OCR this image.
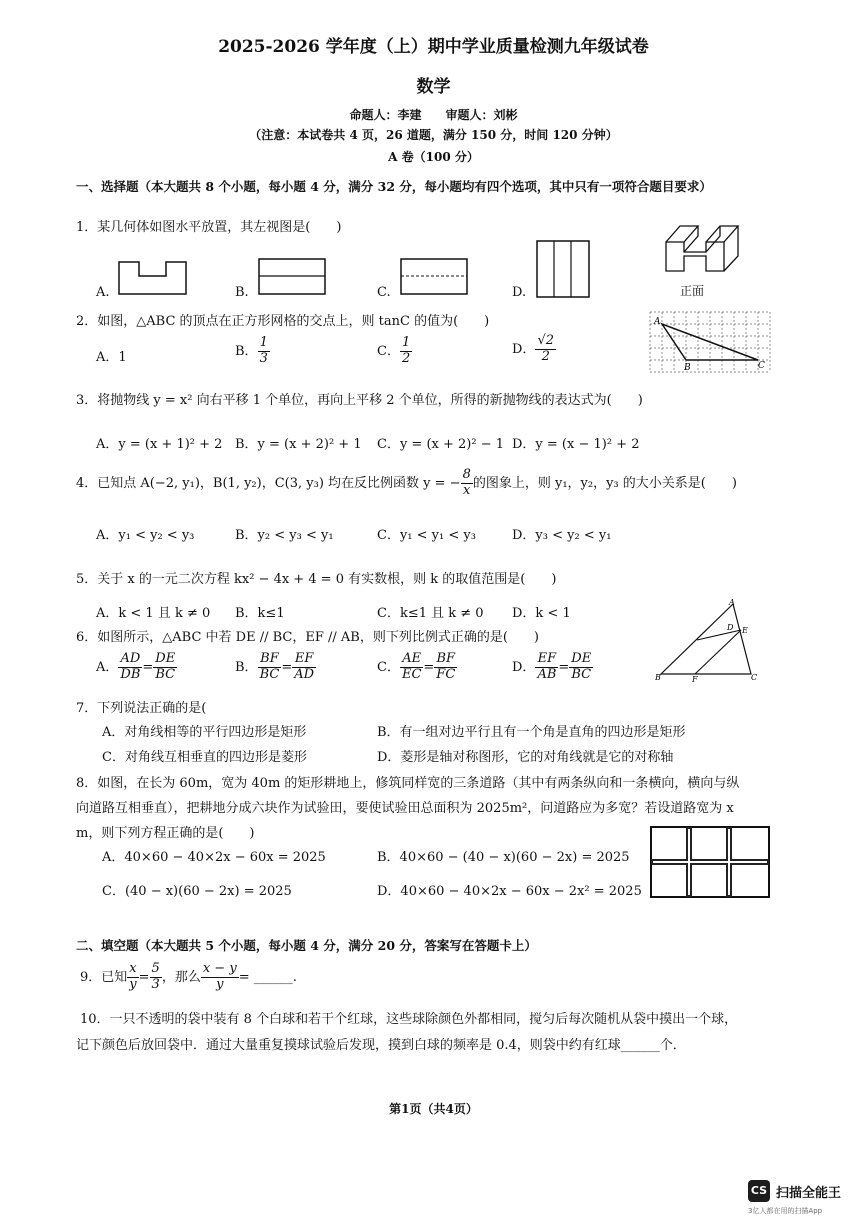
2025-2026 学年度（上）期中学业质量检测九年级试卷
数学
命题人：李建　　审题人：刘彬
（注意：本试卷共 4 页，26 道题，满分 150 分，时间 120 分钟）
A 卷（100 分）
一、选择题（本大题共 8 个小题，每小题 4 分，满分 32 分，每小题均有四个选项，其中只有一项符合题目要求）
1．某几何体如图水平放置，其左视图是(　　)
A.	B.	C.	D.	正面
2．如图，△ABC 的顶点在正方形网格的交点上，则 tanC 的值为(　　)
A．1	B． $\frac{1}{3}$	C． $\frac{1}{2}$	D． $\frac{√2}{2}$
A
B	C
3．将抛物线 y = x² 向右平移 1 个单位，再向上平移 2 个单位，所得的新抛物线的表达式为(　　)
A．y = (x + 1)² + 2 B．y = (x + 2)² + 1 C．y = (x + 2)² − 1 D．y = (x − 1)² + 2
4．已知点 A(−2, y₁)，B(1, y₂)，C(3, y₃) 均在反比例函数 y = − $\frac{8}{x}$ 的图象上，则 y₁，y₂，y₃ 的大小关系是(　　)
A．y₁ < y₂ < y₃	B．y₂ < y₃ < y₁	C．y₁ < y₁ < y₃	D．y₃ < y₂ < y₁
5．关于 x 的一元二次方程 kx² − 4x + 4 = 0 有实数根，则 k 的取值范围是(　　)
A．k < 1 且 k ≠ 0 B．k≤1	C．k≤1 且 k ≠ 0 D．k < 1
6．如图所示，△ABC 中若 DE // BC，EF // AB，则下列比例式正确的是(　　)
A． $\frac{AD}{DB} = \frac{DE}{BC}$	B． $\frac{BF}{BC} = \frac{EF}{AD}$	C． $\frac{AE}{EC} = \frac{BF}{FC}$	D． $\frac{EF}{AB} = \frac{DE}{BC}$
A
B	C
D E
F
7．下列说法正确的是(
A．对角线相等的平行四边形是矩形	B．有一组对边平行且有一个角是直角的四边形是矩形
C．对角线互相垂直的四边形是菱形	D．菱形是轴对称图形，它的对角线就是它的对称轴
8．如图，在长为 60m，宽为 40m 的矩形耕地上，修筑同样宽的三条道路（其中有两条纵向和一条横向，横向与纵
向道路互相垂直），把耕地分成六块作为试验田，要使试验田总面积为 2025m²，问道路应为多宽？若设道路宽为 x
m，则下列方程正确的是(　　)
A．40×60 − 40×2x − 60x = 2025	B．40×60 − (40 − x)(60 − 2x) = 2025
C．(40 − x)(60 − 2x) = 2025	D．40×60 − 40×2x − 60x − 2x² = 2025
二、填空题（本大题共 5 个小题，每小题 4 分，满分 20 分，答案写在答题卡上）
9．已知 $\frac{x}{y} = \frac{5}{3}$ ，那么 $\frac{x - y}{y}$ = ______.
10．一只不透明的袋中装有 8 个白球和若干个红球，这些球除颜色外都相同，搅匀后每次随机从袋中摸出一个球，
记下颜色后放回袋中．通过大量重复摸球试验后发现，摸到白球的频率是 0.4，则袋中约有红球______个．
第1页（共4页）
CS 扫描全能王
3亿人都在用的扫描App
